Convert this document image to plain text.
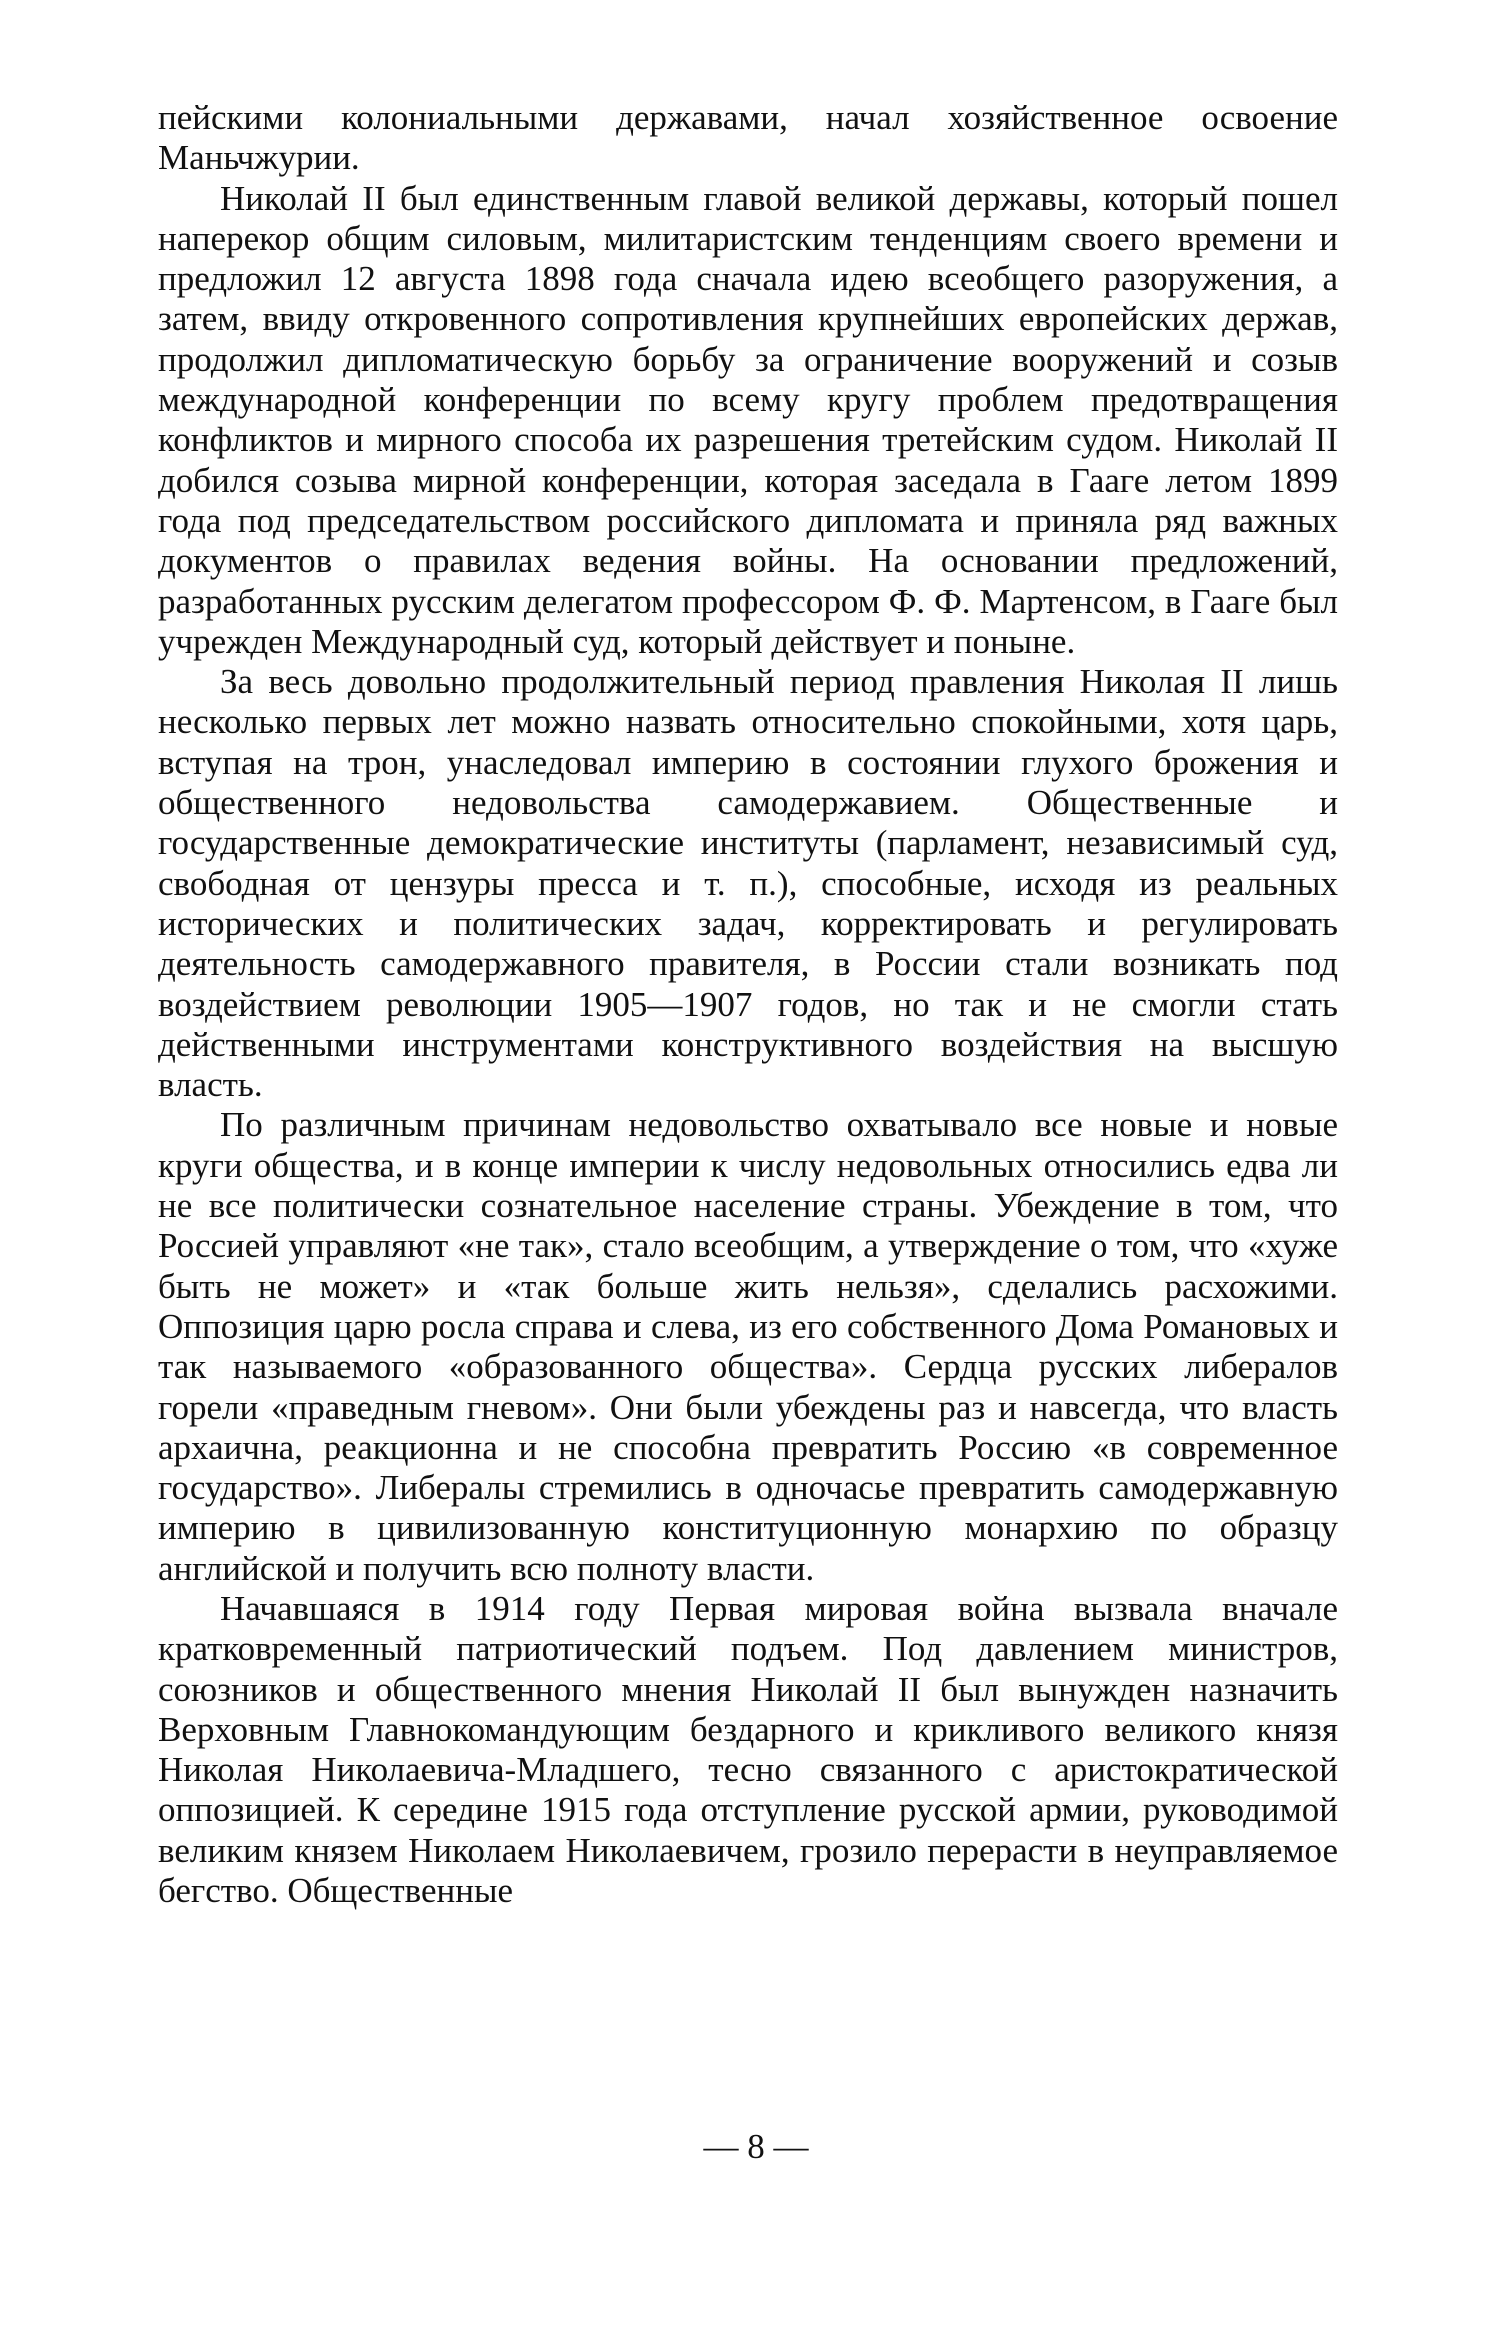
пейскими колониальными державами, начал хозяйственное освоение Маньчжурии.

Николай II был единственным главой великой державы, который пошел наперекор общим силовым, милитаристским тенденциям своего времени и предложил 12 августа 1898 года сначала идею всеобщего разоружения, а затем, ввиду откровенного сопротивления крупнейших европейских держав, продолжил дипломатическую борьбу за ограничение вооружений и созыв международной конференции по всему кругу проблем предотвращения конфликтов и мирного способа их разрешения третейским судом. Николай II добился созыва мирной конференции, которая заседала в Гааге летом 1899 года под председательством российского дипломата и приняла ряд важных документов о правилах ведения войны. На основании предложений, разработанных русским делегатом профессором Ф. Ф. Мартенсом, в Гааге был учрежден Международный суд, который действует и поныне.

За весь довольно продолжительный период правления Николая II лишь несколько первых лет можно назвать относительно спокойными, хотя царь, вступая на трон, унаследовал империю в состоянии глухого брожения и общественного недовольства самодержавием. Общественные и государственные демократические институты (парламент, независимый суд, свободная от цензуры пресса и т. п.), способные, исходя из реальных исторических и политических задач, корректировать и регулировать деятельность самодержавного правителя, в России стали возникать под воздействием революции 1905—1907 годов, но так и не смогли стать действенными инструментами конструктивного воздействия на высшую власть.

По различным причинам недовольство охватывало все новые и новые круги общества, и в конце империи к числу недовольных относились едва ли не все политически сознательное население страны. Убеждение в том, что Россией управляют «не так», стало всеобщим, а утверждение о том, что «хуже быть не может» и «так больше жить нельзя», сделались расхожими. Оппозиция царю росла справа и слева, из его собственного Дома Романовых и так называемого «образованного общества». Сердца русских либералов горели «праведным гневом». Они были убеждены раз и навсегда, что власть архаична, реакционна и не способна превратить Россию «в современное государство». Либералы стремились в одночасье превратить самодержавную империю в цивилизованную конституционную монархию по образцу английской и получить всю полноту власти.

Начавшаяся в 1914 году Первая мировая война вызвала вначале кратковременный патриотический подъем. Под давлением министров, союзников и общественного мнения Николай II был вынужден назначить Верховным Главнокомандующим бездарного и крикливого великого князя Николая Николаевича-Младшего, тесно связанного с аристократической оппозицией. К середине 1915 года отступление русской армии, руководимой великим князем Николаем Николаевичем, грозило перерасти в неуправляемое бегство. Общественные

— 8 —
